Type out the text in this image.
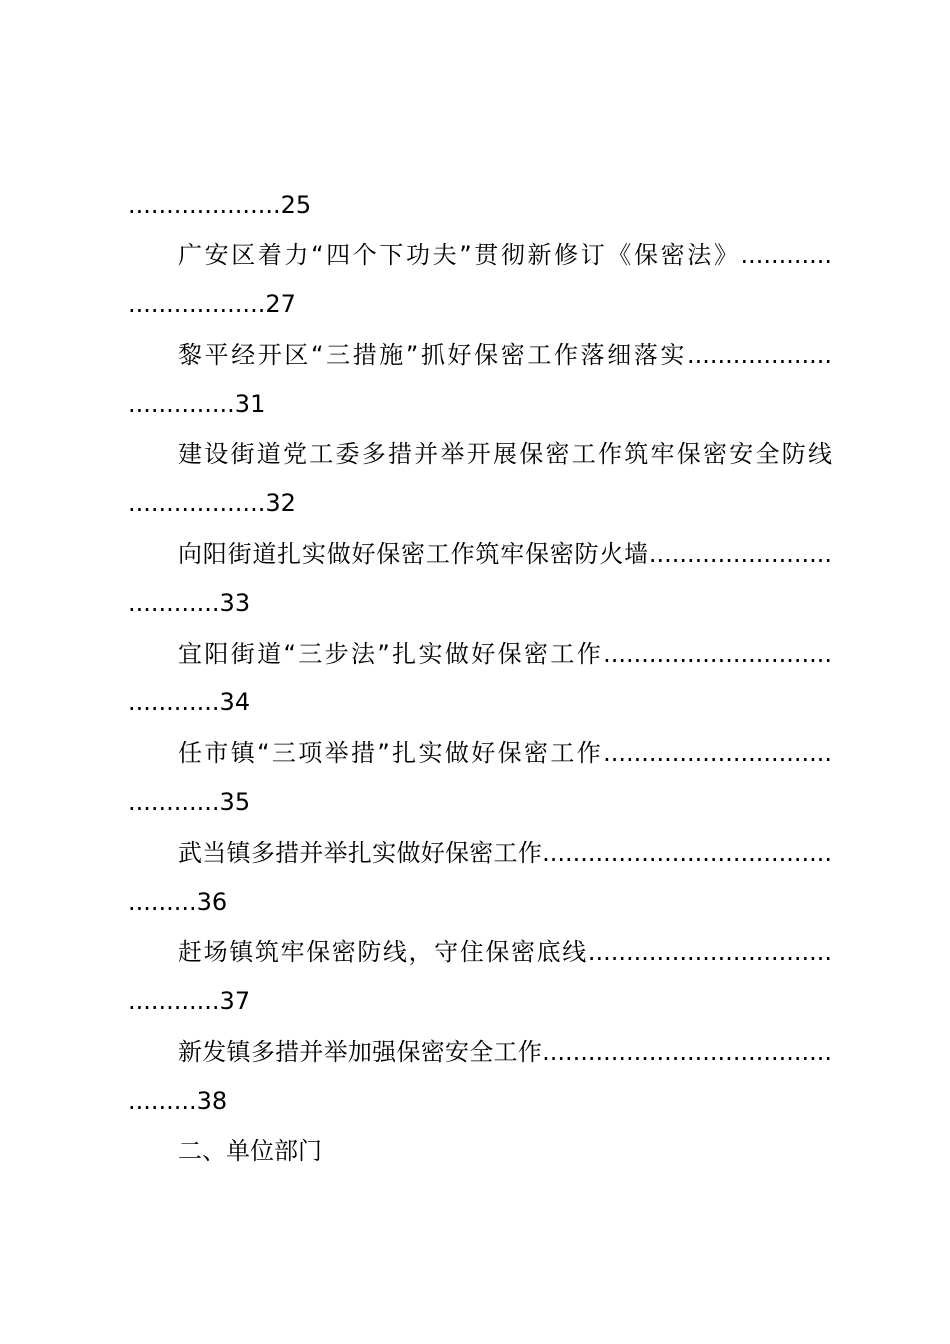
....................25
广安区着力“四个下功夫”贯彻新修订《保密法》............
..................27
黎平经开区“三措施”抓好保密工作落细落实...................
..............31
建设街道党工委多措并举开展保密工作筑牢保密安全防线
..................32
向阳街道扎实做好保密工作筑牢保密防火墙........................
............33
宜阳街道“三步法”扎实做好保密工作..............................
............34
任市镇“三项举措”扎实做好保密工作..............................
............35
武当镇多措并举扎实做好保密工作......................................
.........36
赶场镇筑牢保密防线，守住保密底线................................
............37
新发镇多措并举加强保密安全工作......................................
.........38
二、单位部门
